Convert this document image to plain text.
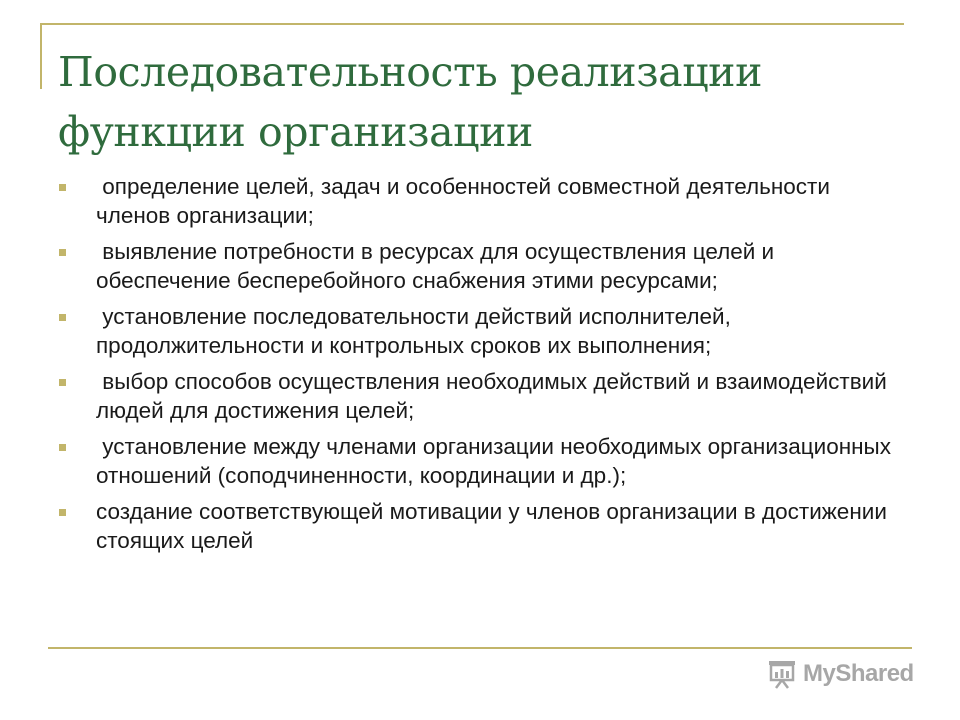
Последовательность реализации
функции организации
определение целей, задач и особенностей совместной деятельности членов организации;
выявление потребности в ресурсах для осуществления целей и обеспечение бесперебойного снабжения этими ресурсами;
установление последовательности действий исполнителей, продолжительности и контрольных сроков их выполнения;
выбор способов осуществления необходимых действий и взаимодействий людей для достижения целей;
установление между членами организации необходимых организационных отношений (соподчиненности, координации и др.);
создание соответствующей мотивации у членов организации в достижении стоящих целей
MyShared
